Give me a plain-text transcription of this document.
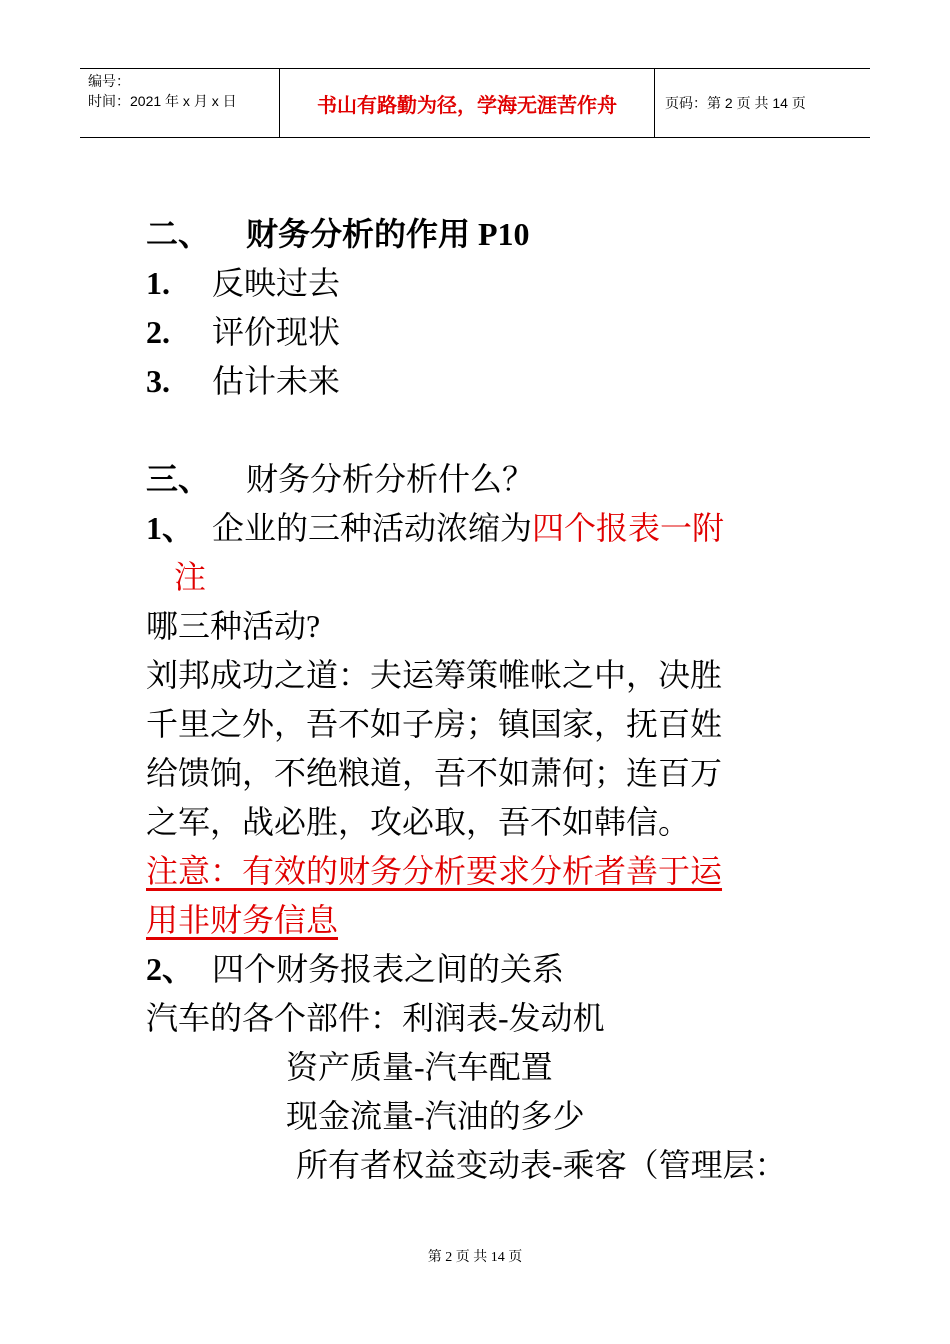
编号：
时间：2021 年 x 月 x 日	书山有路勤为径，学海无涯苦作舟	页码：第 2 页 共 14 页
二、 财务分析的作用 P10
1. 反映过去
2. 评价现状
3. 估计未来
三、 财务分析分析什么？
1、 企业的三种活动浓缩为四个报表一附
注
哪三种活动?
刘邦成功之道：夫运筹策帷帐之中，决胜
千里之外，吾不如子房；镇国家，抚百姓
给馈饷，不绝粮道，吾不如萧何；连百万
之军，战必胜，攻必取，吾不如韩信。
注意：有效的财务分析要求分析者善于运
用非财务信息
2、 四个财务报表之间的关系
汽车的各个部件：利润表-发动机
资产质量-汽车配置
现金流量-汽油的多少
所有者权益变动表-乘客（管理层：
第 2 页 共 14 页
